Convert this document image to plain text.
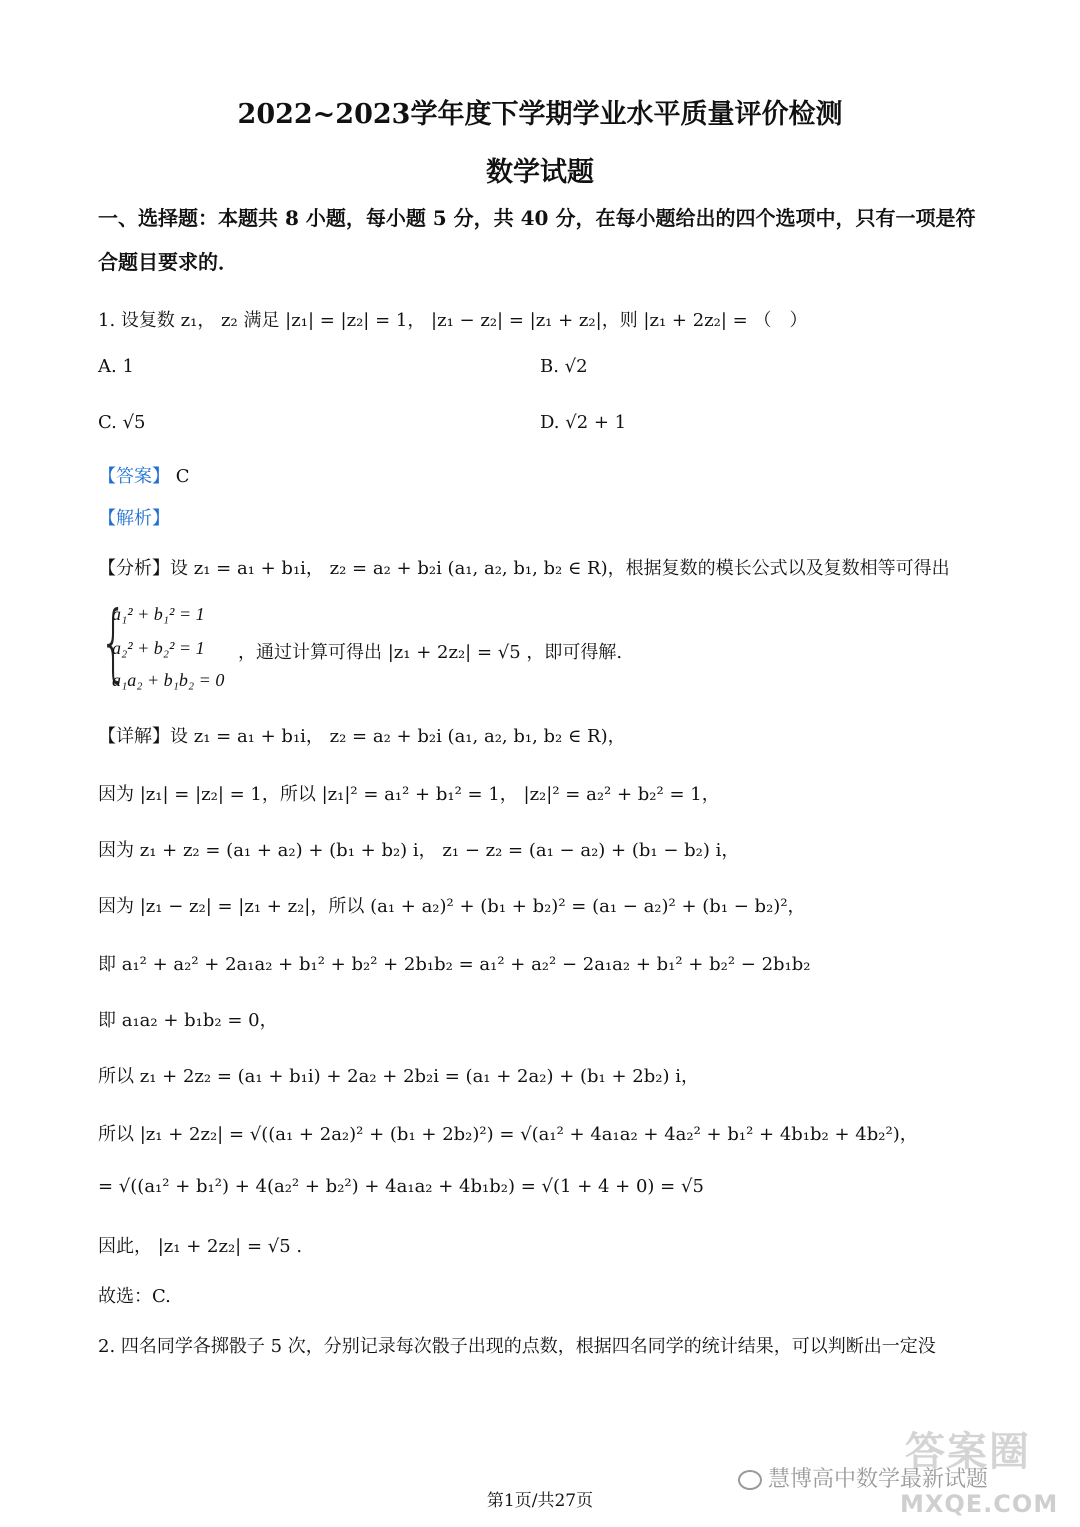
2022~2023学年度下学期学业水平质量评价检测
数学试题
一、选择题：本题共 8 小题，每小题 5 分，共 40 分，在每小题给出的四个选项中，只有一项是符合题目要求的．
1. 设复数 z₁， z₂ 满足 |z₁| = |z₂| = 1， |z₁ − z₂| = |z₁ + z₂|，则 |z₁ + 2z₂| = （　）
A. 1	B. √2
C. √5	D. √2 + 1
【答案】 C
【解析】
【分析】设 z₁ = a₁ + b₁i， z₂ = a₂ + b₂i (a₁, a₂, b₁, b₂ ∈ R)，根据复数的模长公式以及复数相等可得出
{
a₁² + b₁² = 1
a₂² + b₂² = 1
a₁a₂ + b₁b₂ = 0
，通过计算可得出 |z₁ + 2z₂| = √5 ，即可得解.
【详解】设 z₁ = a₁ + b₁i， z₂ = a₂ + b₂i (a₁, a₂, b₁, b₂ ∈ R)，
因为 |z₁| = |z₂| = 1，所以 |z₁|² = a₁² + b₁² = 1， |z₂|² = a₂² + b₂² = 1，
因为 z₁ + z₂ = (a₁ + a₂) + (b₁ + b₂) i， z₁ − z₂ = (a₁ − a₂) + (b₁ − b₂) i，
因为 |z₁ − z₂| = |z₁ + z₂|，所以 (a₁ + a₂)² + (b₁ + b₂)² = (a₁ − a₂)² + (b₁ − b₂)²，
即 a₁² + a₂² + 2a₁a₂ + b₁² + b₂² + 2b₁b₂ = a₁² + a₂² − 2a₁a₂ + b₁² + b₂² − 2b₁b₂
即 a₁a₂ + b₁b₂ = 0，
所以 z₁ + 2z₂ = (a₁ + b₁i) + 2a₂ + 2b₂i = (a₁ + 2a₂) + (b₁ + 2b₂) i，
所以 |z₁ + 2z₂| = √((a₁ + 2a₂)² + (b₁ + 2b₂)²) = √(a₁² + 4a₁a₂ + 4a₂² + b₁² + 4b₁b₂ + 4b₂²)，
= √((a₁² + b₁²) + 4(a₂² + b₂²) + 4a₁a₂ + 4b₁b₂) = √(1 + 4 + 0) = √5
因此， |z₁ + 2z₂| = √5 .
故选：C.
2. 四名同学各掷骰子 5 次，分别记录每次骰子出现的点数，根据四名同学的统计结果，可以判断出一定没
答案圈
慧博高中数学最新试题
MXQE.COM
第1页/共27页
